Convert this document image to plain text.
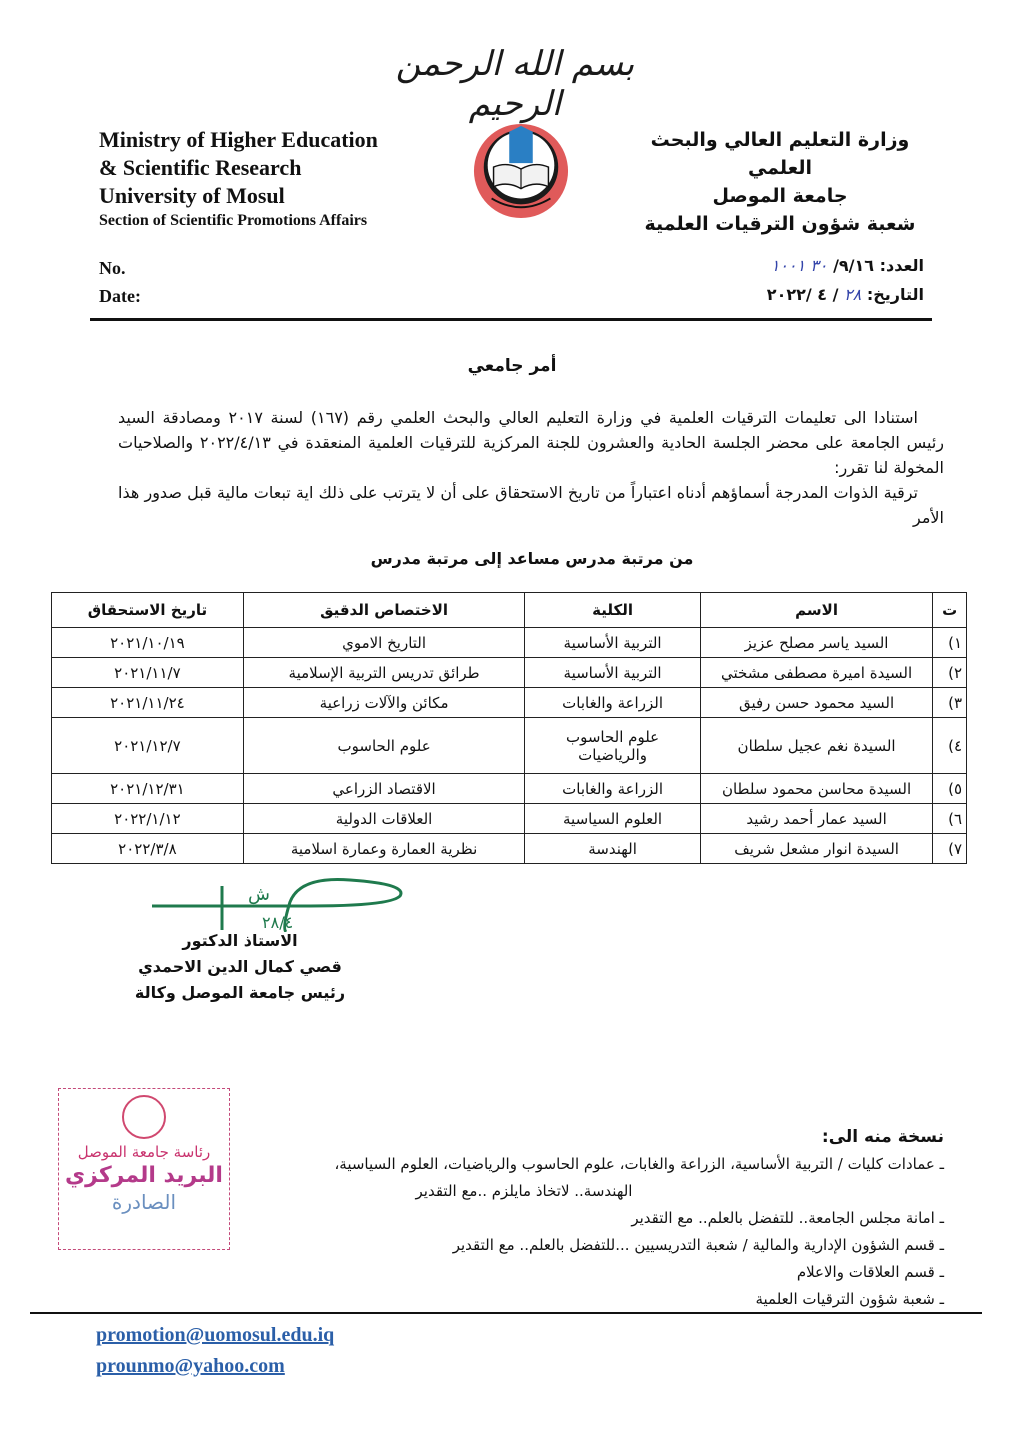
بسم الله الرحمن الرحيم
Ministry of Higher Education
& Scientific Research
University of Mosul
Section of Scientific Promotions Affairs
وزارة التعليم العالي والبحث العلمي
جامعة الموصل
شعبة شؤون الترقيات العلمية
No.
Date:
العدد: ٩/١٦/ ٣٠ ١٠٠١
التاريخ: ٢٨ / ٤ /٢٠٢٢
أمر جامعي

استنادا الى تعليمات الترقيات العلمية في وزارة التعليم العالي والبحث العلمي رقم (١٦٧) لسنة ٢٠١٧ ومصادقة السيد رئيس الجامعة على محضر الجلسة الحادية والعشرون للجنة المركزية للترقيات العلمية المنعقدة في ٢٠٢٢/٤/١٣ والصلاحيات المخولة لنا تقرر:

ترقية الذوات المدرجة أسماؤهم أدناه اعتباراً من تاريخ الاستحقاق على أن لا يترتب على ذلك اية تبعات مالية قبل صدور هذا الأمر

من مرتبة مدرس مساعد إلى مرتبة مدرس
ت	الاسم	الكلية	الاختصاص الدقيق	تاريخ الاستحقاق
١)	السيد ياسر مصلح عزيز	التربية الأساسية	التاريخ الاموي	٢٠٢١/١٠/١٩
٢)	السيدة اميرة مصطفى مشختي	التربية الأساسية	طرائق تدريس التربية الإسلامية	٢٠٢١/١١/٧
٣)	السيد محمود حسن رفيق	الزراعة والغابات	مكائن والآلات زراعية	٢٠٢١/١١/٢٤
٤)	السيدة نغم عجيل سلطان	علوم الحاسوب والرياضيات	علوم الحاسوب	٢٠٢١/١٢/٧
٥)	السيدة محاسن محمود سلطان	الزراعة والغابات	الاقتصاد الزراعي	٢٠٢١/١٢/٣١
٦)	السيد عمار أحمد رشيد	العلوم السياسية	العلاقات الدولية	٢٠٢٢/١/١٢
٧)	السيدة انوار مشعل شريف	الهندسة	نظرية العمارة وعمارة اسلامية	٢٠٢٢/٣/٨
ش
٢٨/٤
الاستاذ الدكتور
قصي كمال الدين الاحمدي
رئيس جامعة الموصل وكالة
رئاسة جامعة الموصل
البريد المركزي
الصادرة
نسخة منه الى:

ـ عمادات كليات / التربية الأساسية، الزراعة والغابات، علوم الحاسوب والرياضيات، العلوم السياسية،

الهندسة.. لاتخاذ مايلزم ..مع التقدير

ـ امانة مجلس الجامعة.. للتفضل بالعلم.. مع التقدير

ـ قسم الشؤون الإدارية والمالية / شعبة التدريسيين ...للتفضل بالعلم.. مع التقدير

ـ قسم العلاقات والاعلام

ـ شعبة شؤون الترقيات العلمية

promotion@uomosul.edu.iq
prounmo@yahoo.com
